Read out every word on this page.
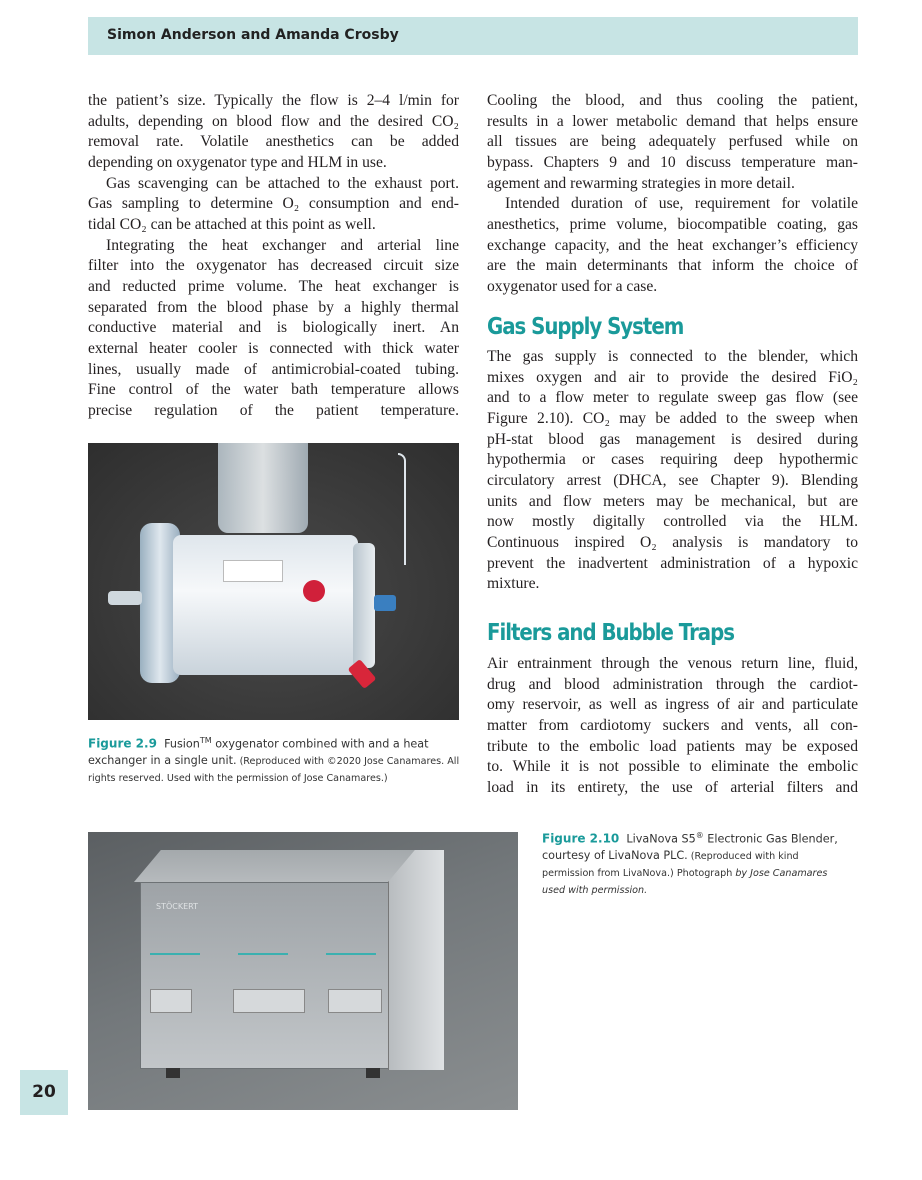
Simon Anderson and Amanda Crosby
the patient’s size. Typically the flow is 2–4 l/min for
adults, depending on blood flow and the desired CO₂
removal rate. Volatile anesthetics can be added
depending on oxygenator type and HLM in use.
Gas scavenging can be attached to the exhaust port.
Gas sampling to determine O₂ consumption and end-
tidal CO₂ can be attached at this point as well.
Integrating the heat exchanger and arterial line
filter into the oxygenator has decreased circuit size
and reducted prime volume. The heat exchanger is
separated from the blood phase by a highly thermal
conductive material and is biologically inert. An
external heater cooler is connected with thick water
lines, usually made of antimicrobial-coated tubing.
Fine control of the water bath temperature allows
precise regulation of the patient temperature.
Cooling the blood, and thus cooling the patient,
results in a lower metabolic demand that helps ensure
all tissues are being adequately perfused while on
bypass. Chapters 9 and 10 discuss temperature man-
agement and rewarming strategies in more detail.
Intended duration of use, requirement for volatile
anesthetics, prime volume, biocompatible coating, gas
exchange capacity, and the heat exchanger’s efficiency
are the main determinants that inform the choice of
oxygenator used for a case.
Gas Supply System
The gas supply is connected to the blender, which
mixes oxygen and air to provide the desired FiO₂
and to a flow meter to regulate sweep gas flow (see
Figure 2.10). CO₂ may be added to the sweep when
pH-stat blood gas management is desired during
hypothermia or cases requiring deep hypothermic
circulatory arrest (DHCA, see Chapter 9). Blending
units and flow meters may be mechanical, but are
now mostly digitally controlled via the HLM.
Continuous inspired O₂ analysis is mandatory to
prevent the inadvertent administration of a hypoxic
mixture.
Filters and Bubble Traps
Air entrainment through the venous return line, fluid,
drug and blood administration through the cardiot-
omy reservoir, as well as ingress of air and particulate
matter from cardiotomy suckers and vents, all con-
tribute to the embolic load patients may be exposed
to. While it is not possible to eliminate the embolic
load in its entirety, the use of arterial filters and
Figure 2.9 Fusion™ oxygenator combined with and a heat exchanger in a single unit. (Reproduced with ©2020 Jose Canamares. All rights reserved. Used with the permission of Jose Canamares.)
STÖCKERT
Figure 2.10 LivaNova S5® Electronic Gas Blender, courtesy of LivaNova PLC. (Reproduced with kind permission from LivaNova.) Photograph by Jose Canamares used with permission.
20
